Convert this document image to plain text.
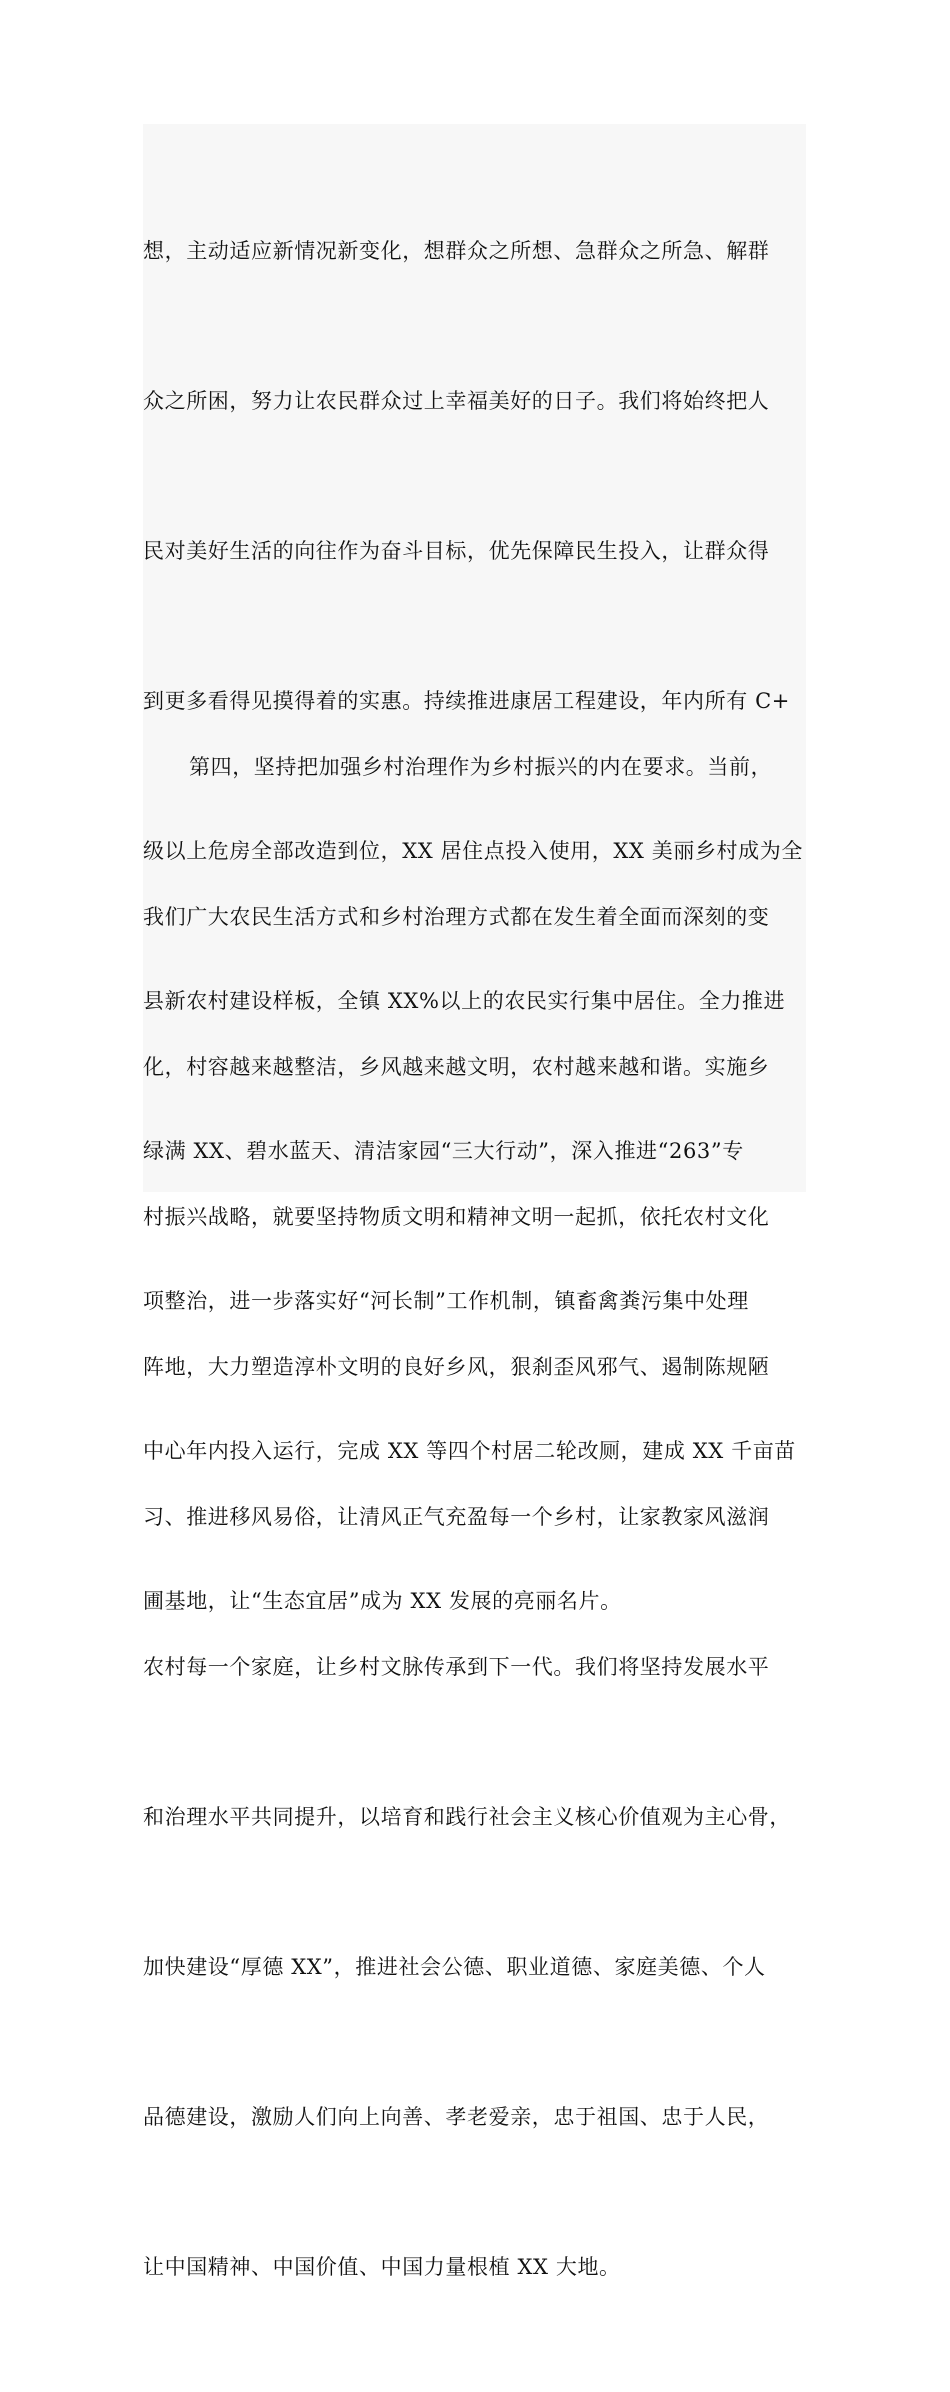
想，主动适应新情况新变化，想群众之所想、急群众之所急、解群

众之所困，努力让农民群众过上幸福美好的日子。我们将始终把人

民对美好生活的向往作为奋斗目标，优先保障民生投入，让群众得

到更多看得见摸得着的实惠。持续推进康居工程建设，年内所有 C+

级以上危房全部改造到位，XX 居住点投入使用，XX 美丽乡村成为全

县新农村建设样板，全镇 XX%以上的农民实行集中居住。全力推进

绿满 XX、碧水蓝天、清洁家园“三大行动”，深入推进“263”专

项整治，进一步落实好“河长制”工作机制，镇畜禽粪污集中处理

中心年内投入运行，完成 XX 等四个村居二轮改厕，建成 XX 千亩苗

圃基地，让“生态宜居”成为 XX 发展的亮丽名片。

第四，坚持把加强乡村治理作为乡村振兴的内在要求。当前，

我们广大农民生活方式和乡村治理方式都在发生着全面而深刻的变

化，村容越来越整洁，乡风越来越文明，农村越来越和谐。实施乡

村振兴战略，就要坚持物质文明和精神文明一起抓，依托农村文化

阵地，大力塑造淳朴文明的良好乡风，狠刹歪风邪气、遏制陈规陋

习、推进移风易俗，让清风正气充盈每一个乡村，让家教家风滋润

农村每一个家庭，让乡村文脉传承到下一代。我们将坚持发展水平

和治理水平共同提升，以培育和践行社会主义核心价值观为主心骨，

加快建设“厚德 XX”，推进社会公德、职业道德、家庭美德、个人

品德建设，激励人们向上向善、孝老爱亲，忠于祖国、忠于人民，

让中国精神、中国价值、中国力量根植 XX 大地。
